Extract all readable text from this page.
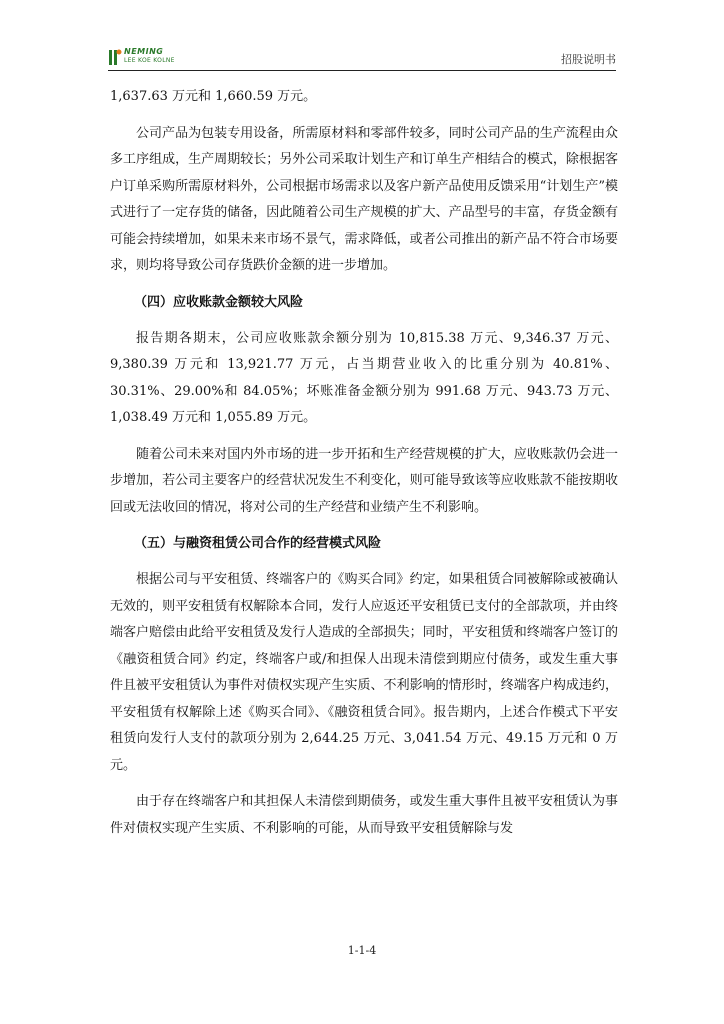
NEMING
LEE KOE KOLNE	招股说明书

1,637.63 万元和 1,660.59 万元。

公司产品为包装专用设备，所需原材料和零部件较多，同时公司产品的生产流程由众多工序组成，生产周期较长；另外公司采取计划生产和订单生产相结合的模式，除根据客户订单采购所需原材料外，公司根据市场需求以及客户新产品使用反馈采用“计划生产”模式进行了一定存货的储备，因此随着公司生产规模的扩大、产品型号的丰富，存货金额有可能会持续增加，如果未来市场不景气，需求降低，或者公司推出的新产品不符合市场要求，则均将导致公司存货跌价金额的进一步增加。

（四）应收账款金额较大风险

报告期各期末，公司应收账款余额分别为 10,815.38 万元、9,346.37 万元、9,380.39 万元和 13,921.77 万元，占当期营业收入的比重分别为 40.81%、30.31%、29.00%和 84.05%；坏账准备金额分别为 991.68 万元、943.73 万元、1,038.49 万元和 1,055.89 万元。

随着公司未来对国内外市场的进一步开拓和生产经营规模的扩大，应收账款仍会进一步增加，若公司主要客户的经营状况发生不利变化，则可能导致该等应收账款不能按期收回或无法收回的情况，将对公司的生产经营和业绩产生不利影响。

（五）与融资租赁公司合作的经营模式风险

根据公司与平安租赁、终端客户的《购买合同》约定，如果租赁合同被解除或被确认无效的，则平安租赁有权解除本合同，发行人应返还平安租赁已支付的全部款项，并由终端客户赔偿由此给平安租赁及发行人造成的全部损失；同时，平安租赁和终端客户签订的《融资租赁合同》约定，终端客户或/和担保人出现未清偿到期应付债务，或发生重大事件且被平安租赁认为事件对债权实现产生实质、不利影响的情形时，终端客户构成违约，平安租赁有权解除上述《购买合同》、《融资租赁合同》。报告期内，上述合作模式下平安租赁向发行人支付的款项分别为 2,644.25 万元、3,041.54 万元、49.15 万元和 0 万元。

由于存在终端客户和其担保人未清偿到期债务，或发生重大事件且被平安租赁认为事件对债权实现产生实质、不利影响的可能，从而导致平安租赁解除与发

1-1-4
